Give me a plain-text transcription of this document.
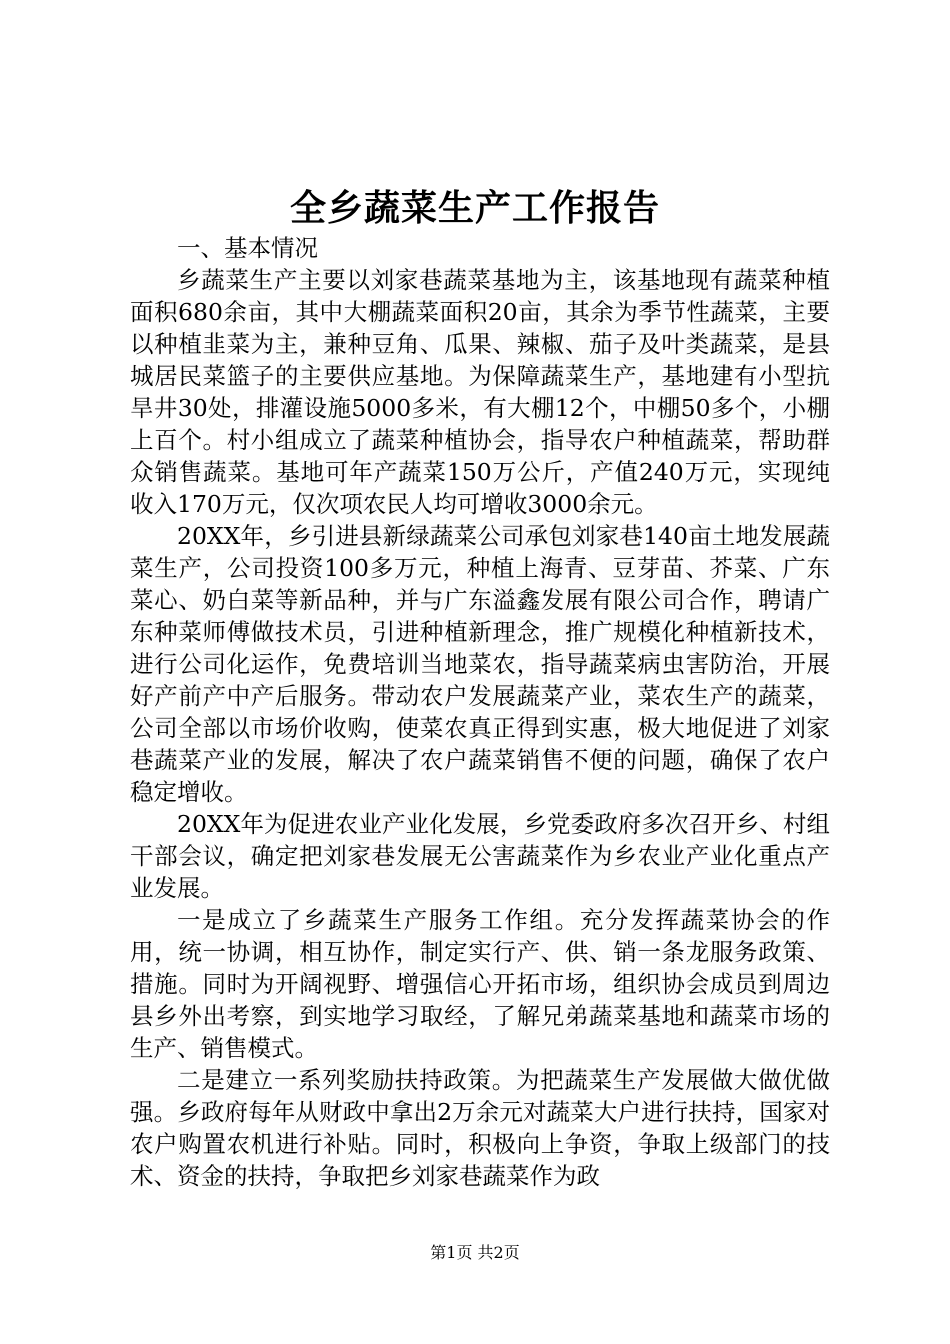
全乡蔬菜生产工作报告

一、基本情况

乡蔬菜生产主要以刘家巷蔬菜基地为主，该基地现有蔬菜种植面积680余亩，其中大棚蔬菜面积20亩，其余为季节性蔬菜，主要以种植韭菜为主，兼种豆角、瓜果、辣椒、茄子及叶类蔬菜，是县城居民菜篮子的主要供应基地。为保障蔬菜生产，基地建有小型抗旱井30处，排灌设施5000多米，有大棚12个，中棚50多个，小棚上百个。村小组成立了蔬菜种植协会，指导农户种植蔬菜，帮助群众销售蔬菜。基地可年产蔬菜150万公斤，产值240万元，实现纯收入170万元，仅次项农民人均可增收3000余元。

20XX年，乡引进县新绿蔬菜公司承包刘家巷140亩土地发展蔬菜生产，公司投资100多万元，种植上海青、豆芽苗、芥菜、广东菜心、奶白菜等新品种，并与广东溢鑫发展有限公司合作，聘请广东种菜师傅做技术员，引进种植新理念，推广规模化种植新技术，进行公司化运作，免费培训当地菜农，指导蔬菜病虫害防治，开展好产前产中产后服务。带动农户发展蔬菜产业，菜农生产的蔬菜，公司全部以市场价收购，使菜农真正得到实惠，极大地促进了刘家巷蔬菜产业的发展，解决了农户蔬菜销售不便的问题，确保了农户稳定增收。

20XX年为促进农业产业化发展，乡党委政府多次召开乡、村组干部会议，确定把刘家巷发展无公害蔬菜作为乡农业产业化重点产业发展。

一是成立了乡蔬菜生产服务工作组。充分发挥蔬菜协会的作用，统一协调，相互协作，制定实行产、供、销一条龙服务政策、措施。同时为开阔视野、增强信心开拓市场，组织协会成员到周边县乡外出考察，到实地学习取经，了解兄弟蔬菜基地和蔬菜市场的生产、销售模式。

二是建立一系列奖励扶持政策。为把蔬菜生产发展做大做优做强。乡政府每年从财政中拿出2万余元对蔬菜大户进行扶持，国家对农户购置农机进行补贴。同时，积极向上争资，争取上级部门的技术、资金的扶持，争取把乡刘家巷蔬菜作为政

第1页 共2页
